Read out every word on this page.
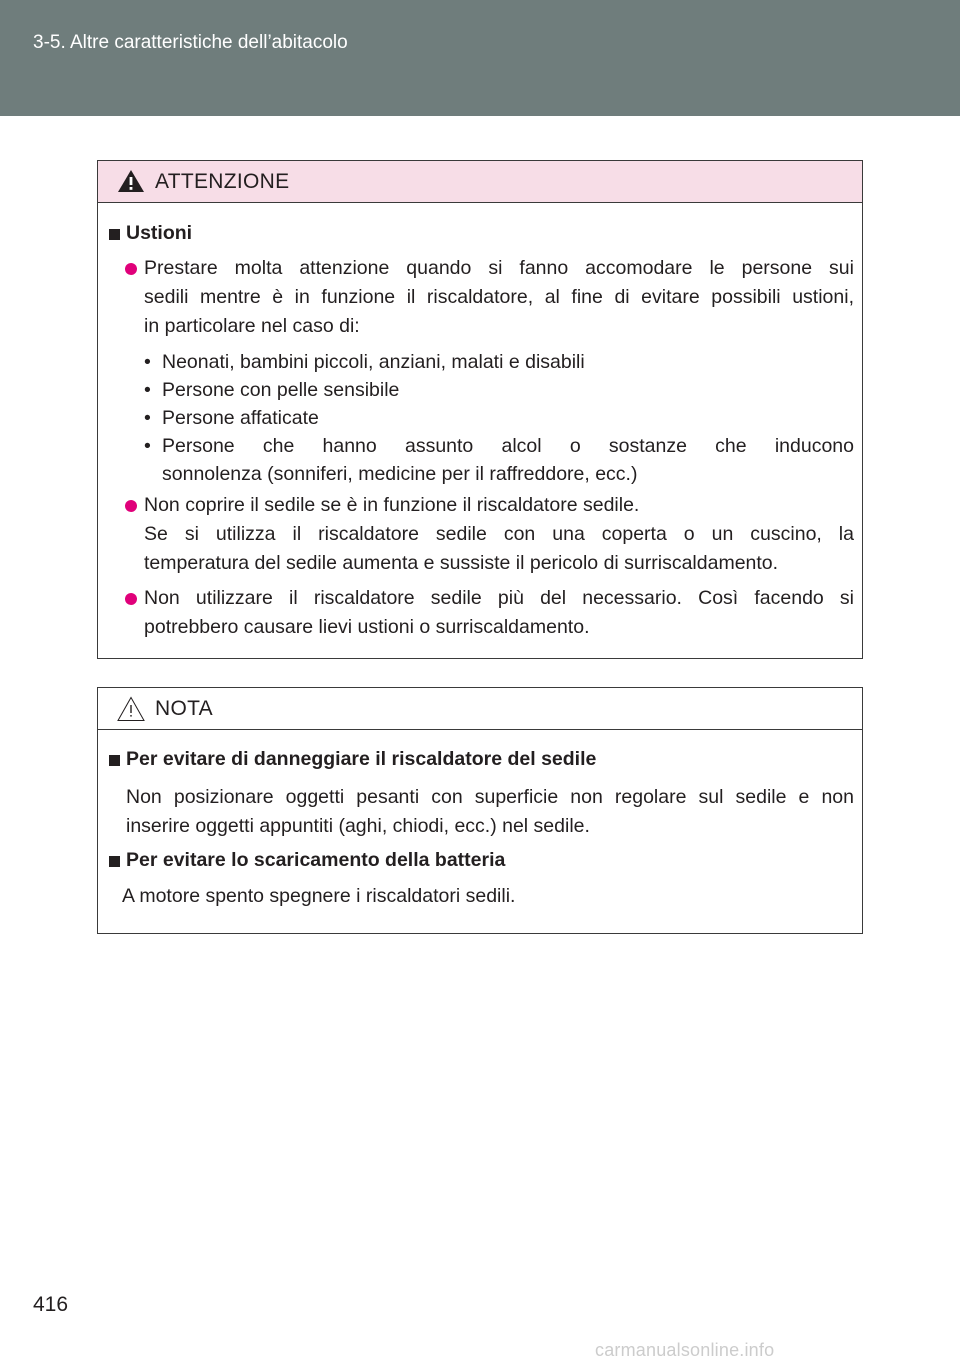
3-5. Altre caratteristiche dell’abitacolo
ATTENZIONE
Ustioni
Prestare molta attenzione quando si fanno accomodare le persone sui
sedili mentre è in funzione il riscaldatore, al fine di evitare possibili ustioni,
in particolare nel caso di:
• Neonati, bambini piccoli, anziani, malati e disabili
• Persone con pelle sensibile
• Persone affaticate
• Persone che hanno assunto alcol o sostanze che inducono
sonnolenza (sonniferi, medicine per il raffreddore, ecc.)
Non coprire il sedile se è in funzione il riscaldatore sedile.
Se si utilizza il riscaldatore sedile con una coperta o un cuscino, la
temperatura del sedile aumenta e sussiste il pericolo di surriscaldamento.
Non utilizzare il riscaldatore sedile più del necessario. Così facendo si
potrebbero causare lievi ustioni o surriscaldamento.
NOTA
Per evitare di danneggiare il riscaldatore del sedile
Non posizionare oggetti pesanti con superficie non regolare sul sedile e non
inserire oggetti appuntiti (aghi, chiodi, ecc.) nel sedile.
Per evitare lo scaricamento della batteria
A motore spento spegnere i riscaldatori sedili.
416
carmanualsonline.info
